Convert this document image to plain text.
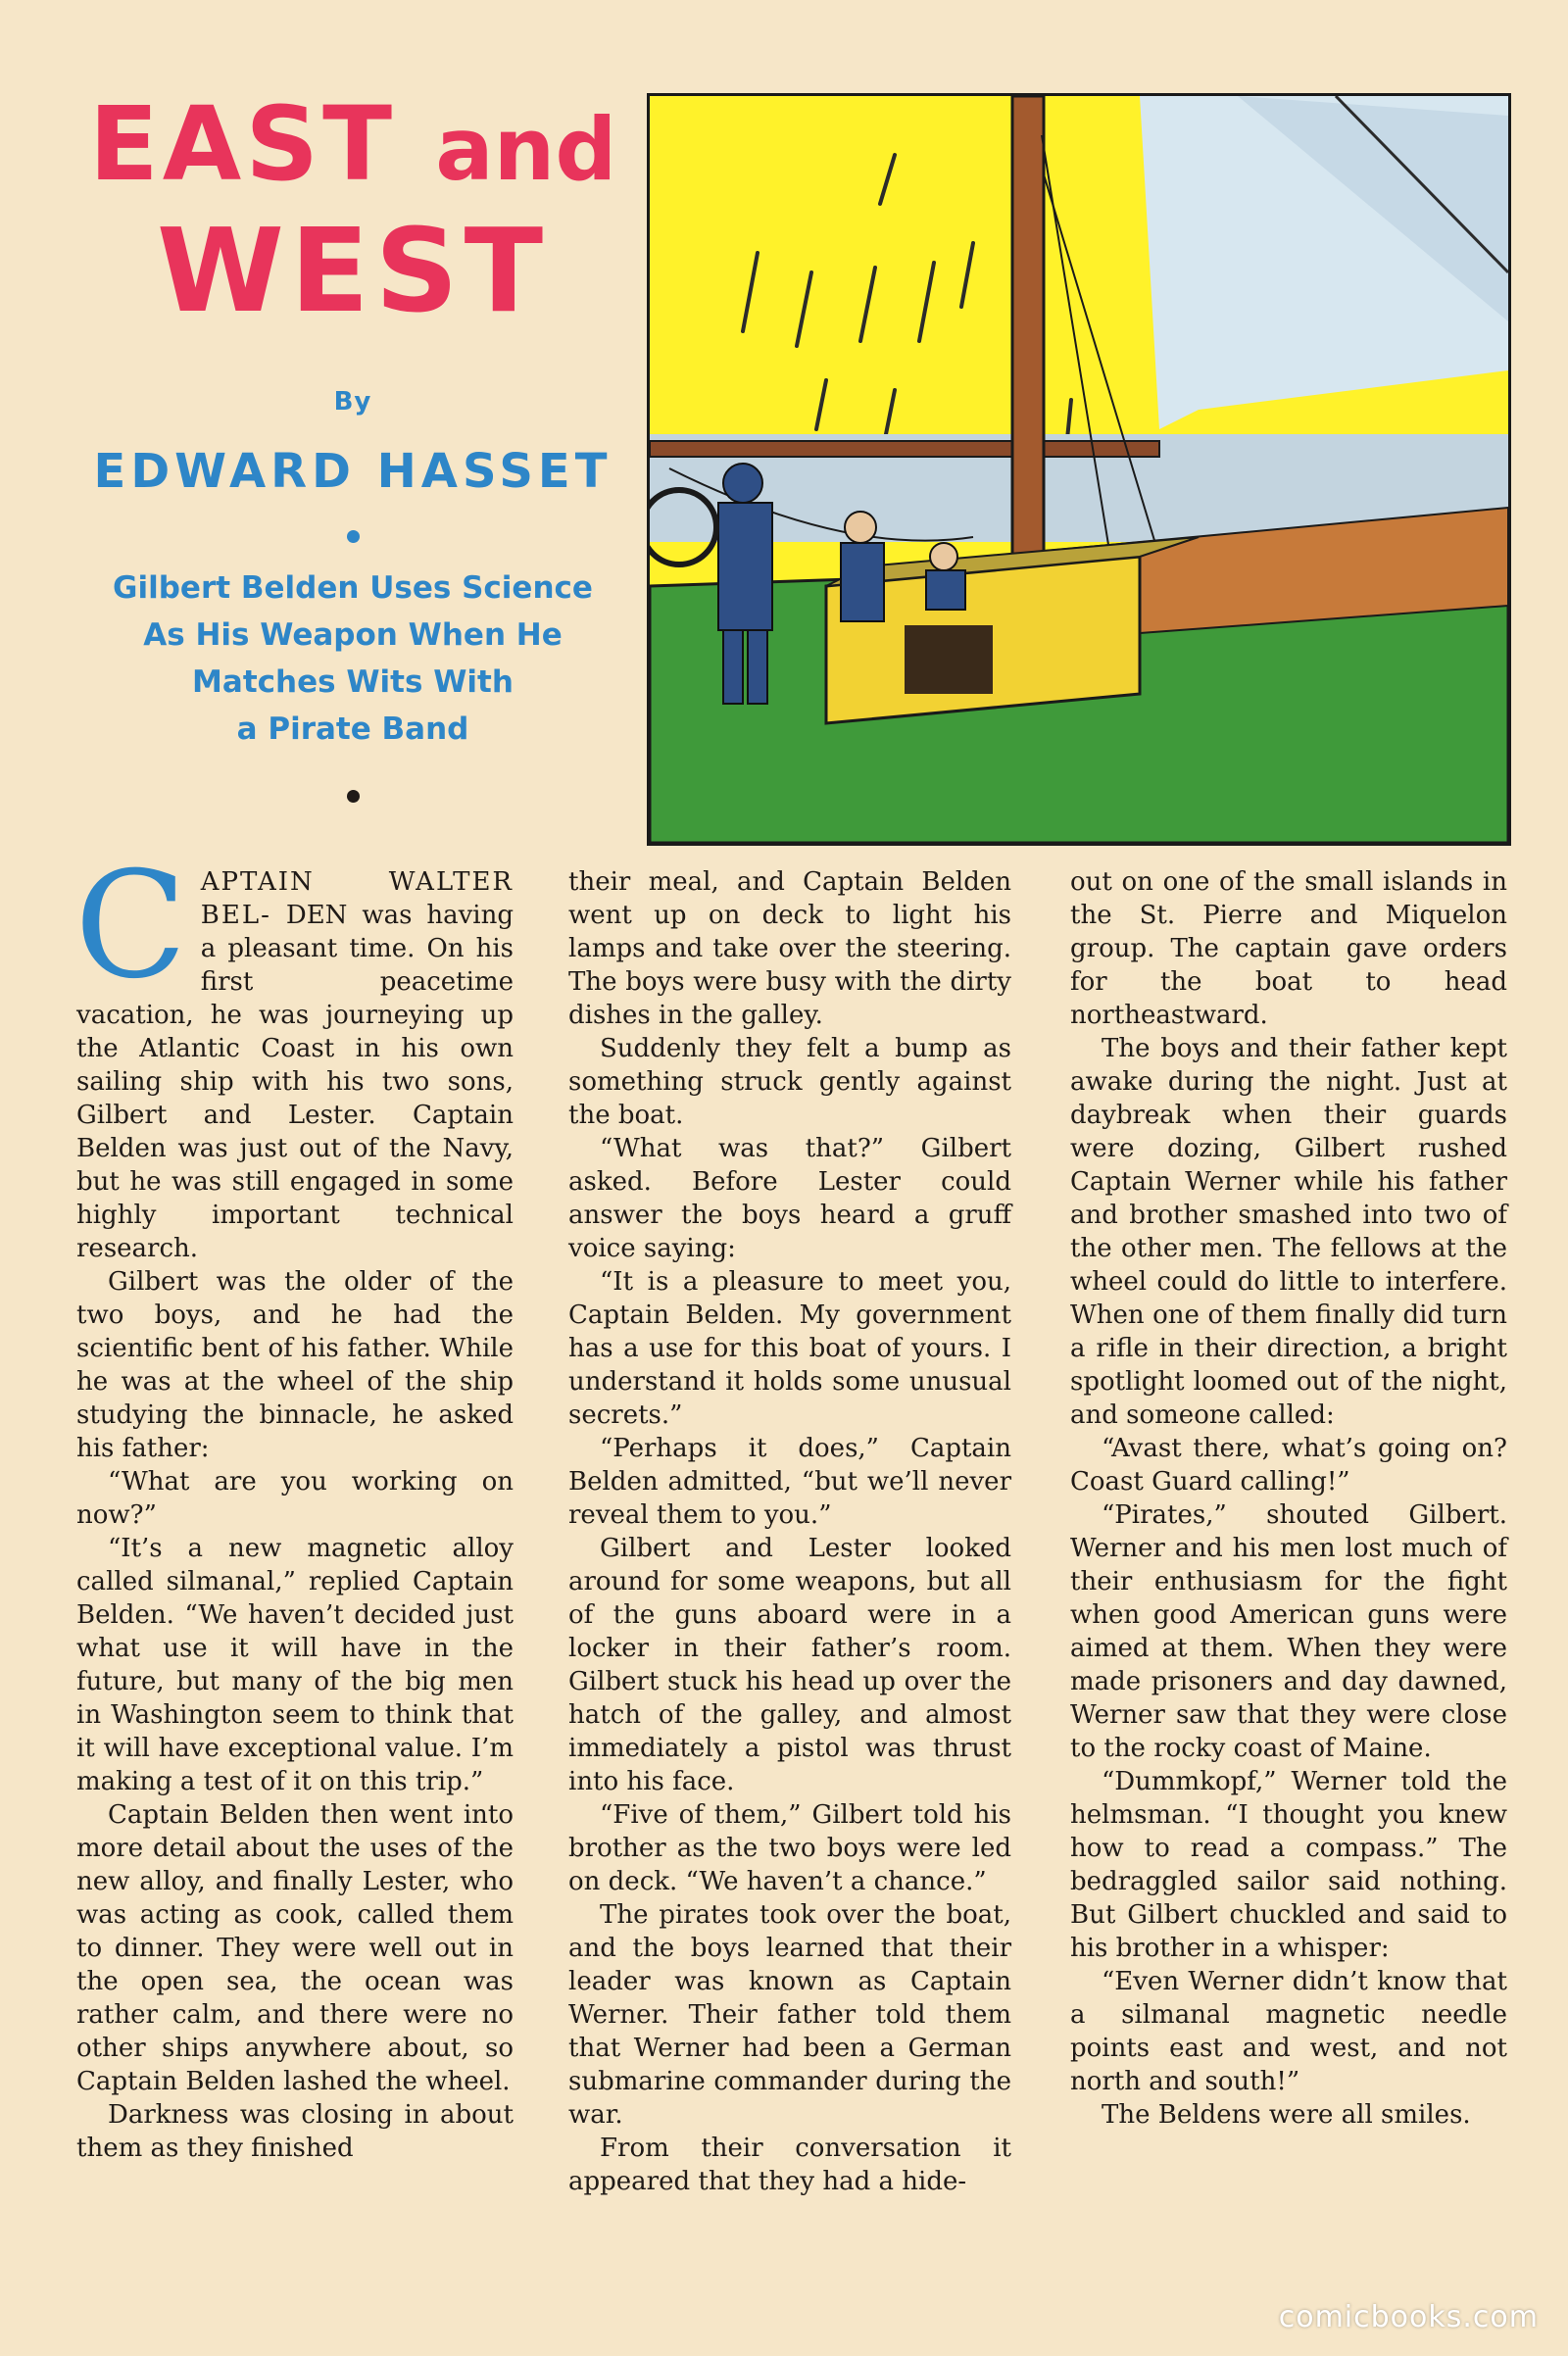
EAST and
WEST
By
EDWARD HASSET
Gilbert Belden Uses Science
As His Weapon When He
Matches Wits With
a Pirate Band

CAPTAIN WALTER BEL- DEN was having a pleasant time. On his first peacetime vacation, he was journeying up the Atlantic Coast in his own sailing ship with his two sons, Gilbert and Lester. Captain Belden was just out of the Navy, but he was still engaged in some highly important technical research.

Gilbert was the older of the two boys, and he had the scientific bent of his father. While he was at the wheel of the ship studying the binnacle, he asked his father:

“What are you working on now?”

“It’s a new magnetic alloy called silmanal,” replied Captain Belden. “We haven’t decided just what use it will have in the future, but many of the big men in Washington seem to think that it will have exceptional value. I’m making a test of it on this trip.”

Captain Belden then went into more detail about the uses of the new alloy, and finally Lester, who was acting as cook, called them to dinner. They were well out in the open sea, the ocean was rather calm, and there were no other ships anywhere about, so Captain Belden lashed the wheel.

Darkness was closing in about them as they finished

their meal, and Captain Belden went up on deck to light his lamps and take over the steering. The boys were busy with the dirty dishes in the galley.

Suddenly they felt a bump as something struck gently against the boat.

“What was that?” Gilbert asked. Before Lester could answer the boys heard a gruff voice saying:

“It is a pleasure to meet you, Captain Belden. My government has a use for this boat of yours. I understand it holds some unusual secrets.”

“Perhaps it does,” Captain Belden admitted, “but we’ll never reveal them to you.”

Gilbert and Lester looked around for some weapons, but all of the guns aboard were in a locker in their father’s room. Gilbert stuck his head up over the hatch of the galley, and almost immediately a pistol was thrust into his face.

“Five of them,” Gilbert told his brother as the two boys were led on deck. “We haven’t a chance.”

The pirates took over the boat, and the boys learned that their leader was known as Captain Werner. Their father told them that Werner had been a German submarine commander during the war.

From their conversation it appeared that they had a hide-

out on one of the small islands in the St. Pierre and Miquelon group. The captain gave orders for the boat to head northeastward.

The boys and their father kept awake during the night. Just at daybreak when their guards were dozing, Gilbert rushed Captain Werner while his father and brother smashed into two of the other men. The fellows at the wheel could do little to interfere. When one of them finally did turn a rifle in their direction, a bright spotlight loomed out of the night, and someone called:

“Avast there, what’s going on? Coast Guard calling!”

“Pirates,” shouted Gilbert. Werner and his men lost much of their enthusiasm for the fight when good American guns were aimed at them. When they were made prisoners and day dawned, Werner saw that they were close to the rocky coast of Maine.

“Dummkopf,” Werner told the helmsman. “I thought you knew how to read a compass.” The bedraggled sailor said nothing. But Gilbert chuckled and said to his brother in a whisper:

“Even Werner didn’t know that a silmanal magnetic needle points east and west, and not north and south!”

The Beldens were all smiles.

comicbooks.com
